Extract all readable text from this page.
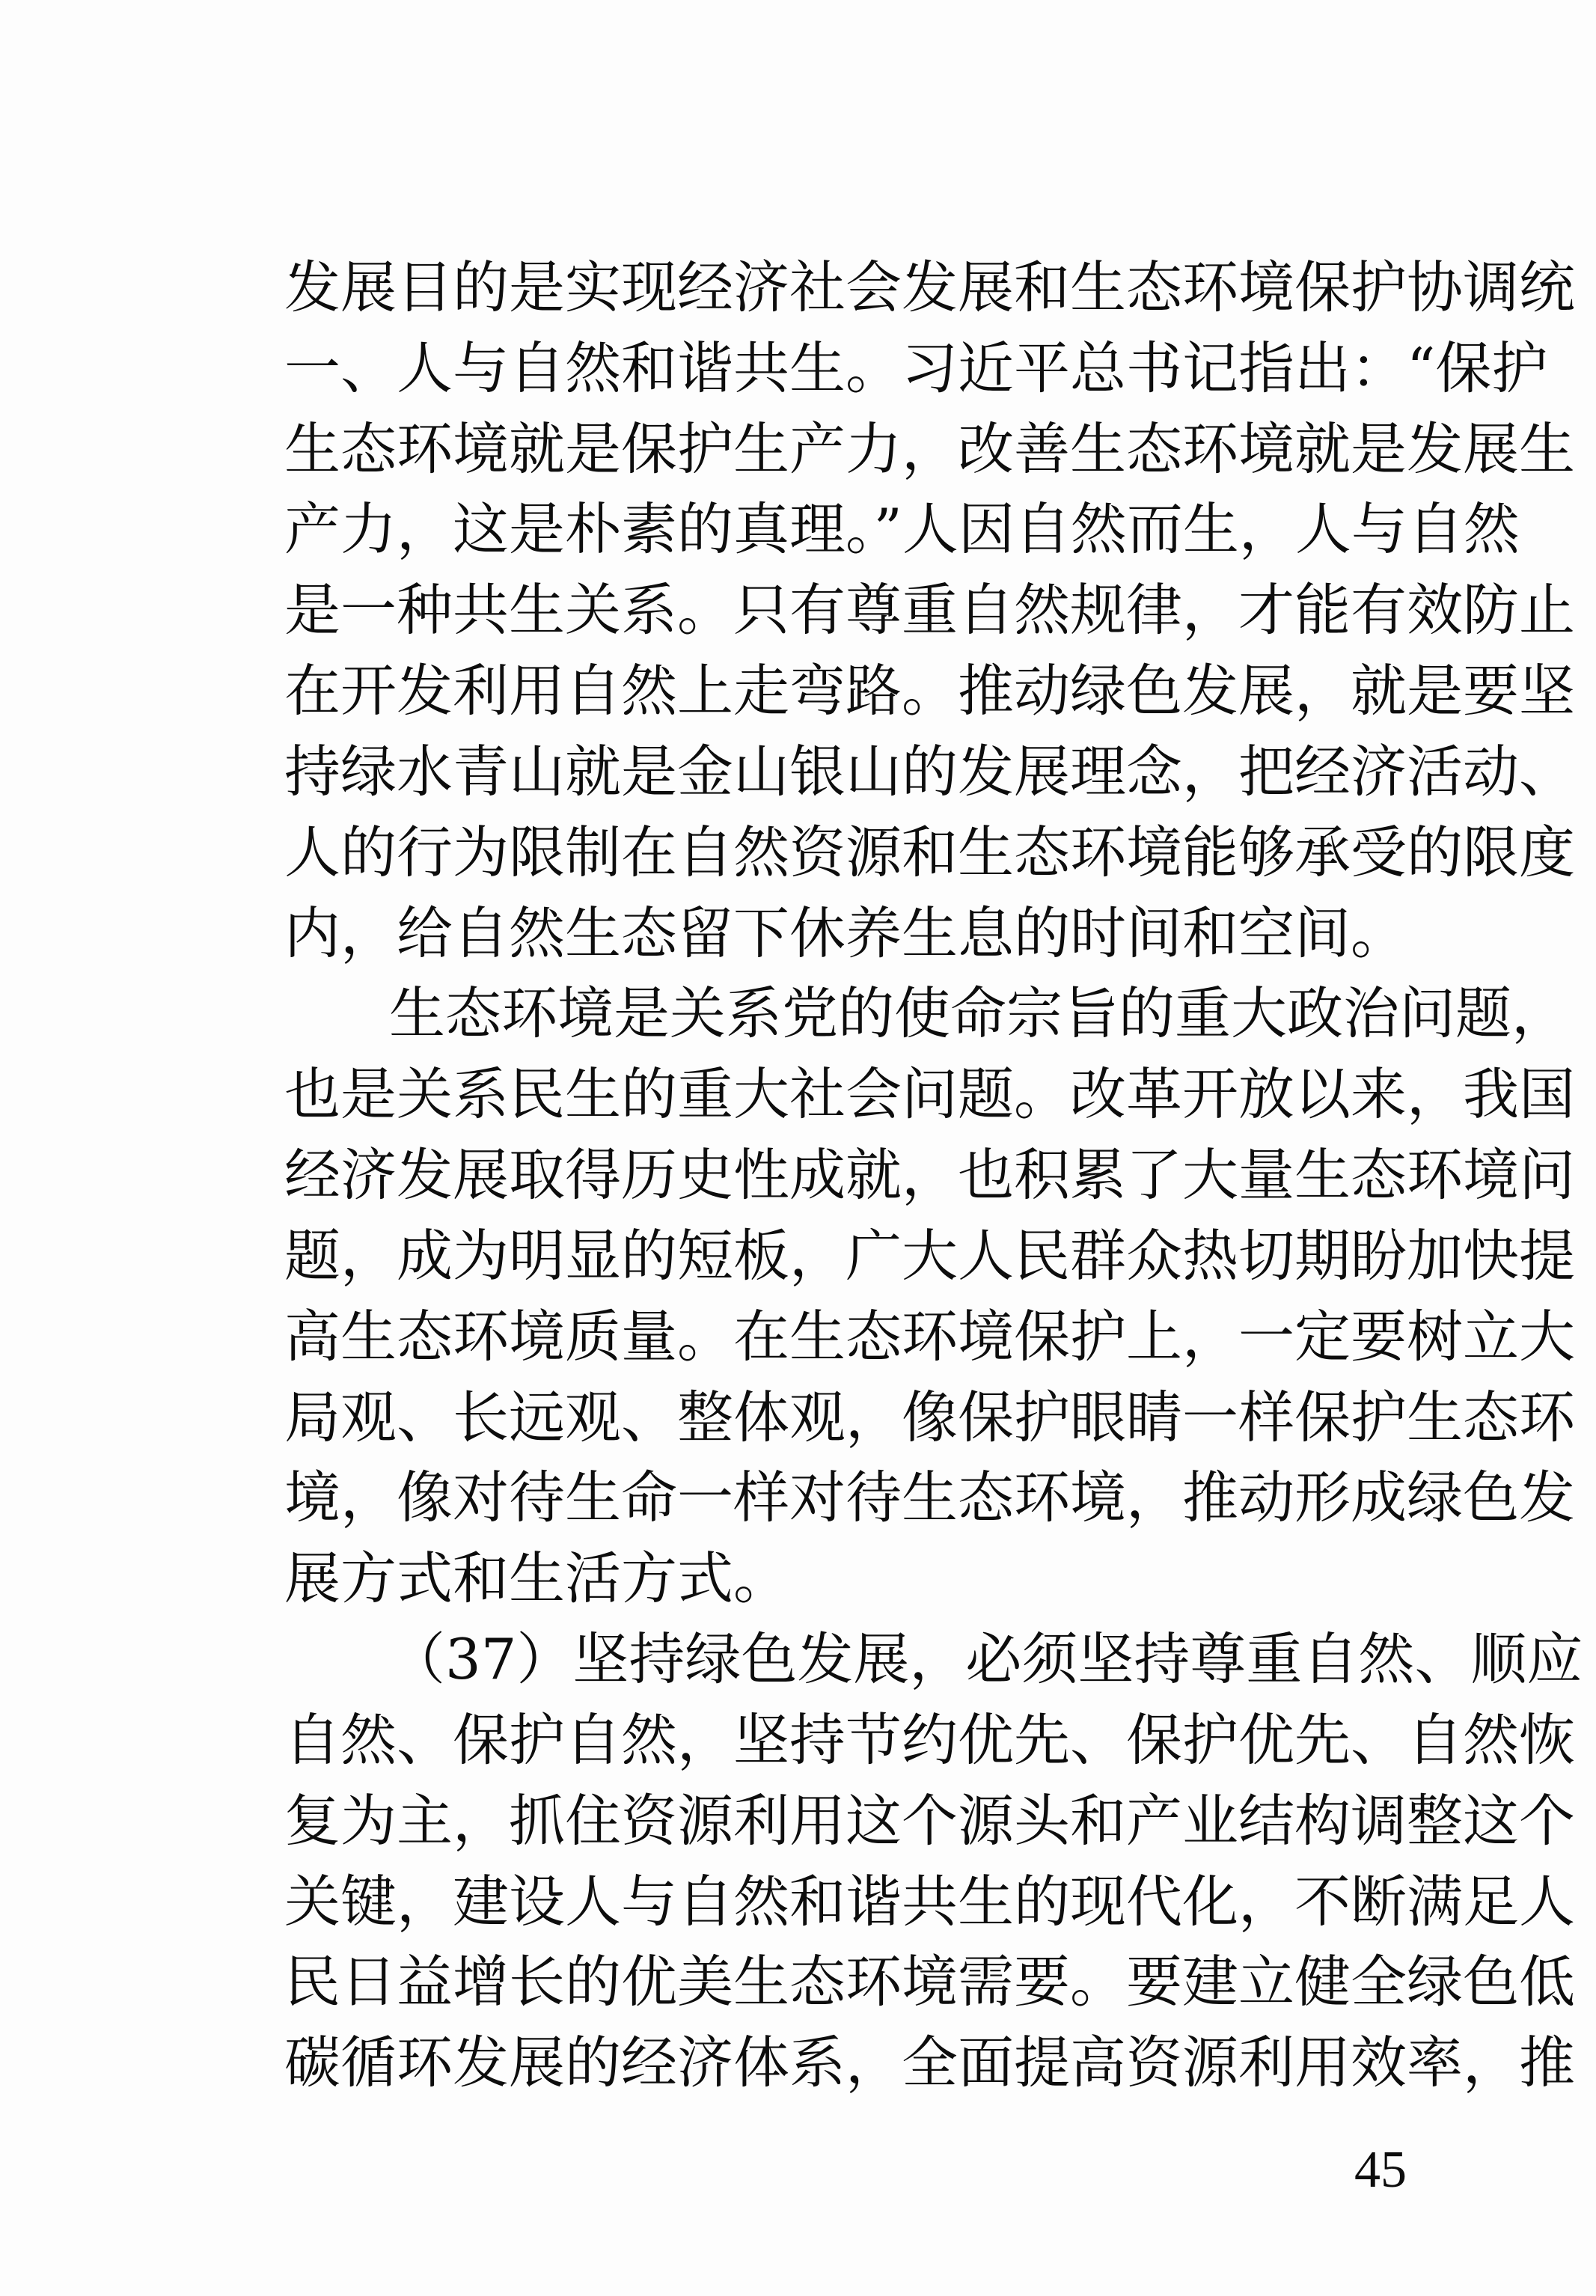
发展目的是实现经济社会发展和生态环境保护协调统
一、人与自然和谐共生。习近平总书记指出：“保护
生态环境就是保护生产力，改善生态环境就是发展生
产力，这是朴素的真理。”人因自然而生，人与自然
是一种共生关系。只有尊重自然规律，才能有效防止
在开发利用自然上走弯路。推动绿色发展，就是要坚
持绿水青山就是金山银山的发展理念，把经济活动、
人的行为限制在自然资源和生态环境能够承受的限度
内，给自然生态留下休养生息的时间和空间。
生态环境是关系党的使命宗旨的重大政治问题，
也是关系民生的重大社会问题。改革开放以来，我国
经济发展取得历史性成就，也积累了大量生态环境问
题，成为明显的短板，广大人民群众热切期盼加快提
高生态环境质量。在生态环境保护上，一定要树立大
局观、长远观、整体观，像保护眼睛一样保护生态环
境，像对待生命一样对待生态环境，推动形成绿色发
展方式和生活方式。
（37）坚持绿色发展，必须坚持尊重自然、顺应
自然、保护自然，坚持节约优先、保护优先、自然恢
复为主，抓住资源利用这个源头和产业结构调整这个
关键，建设人与自然和谐共生的现代化，不断满足人
民日益增长的优美生态环境需要。要建立健全绿色低
碳循环发展的经济体系，全面提高资源利用效率，推
45
